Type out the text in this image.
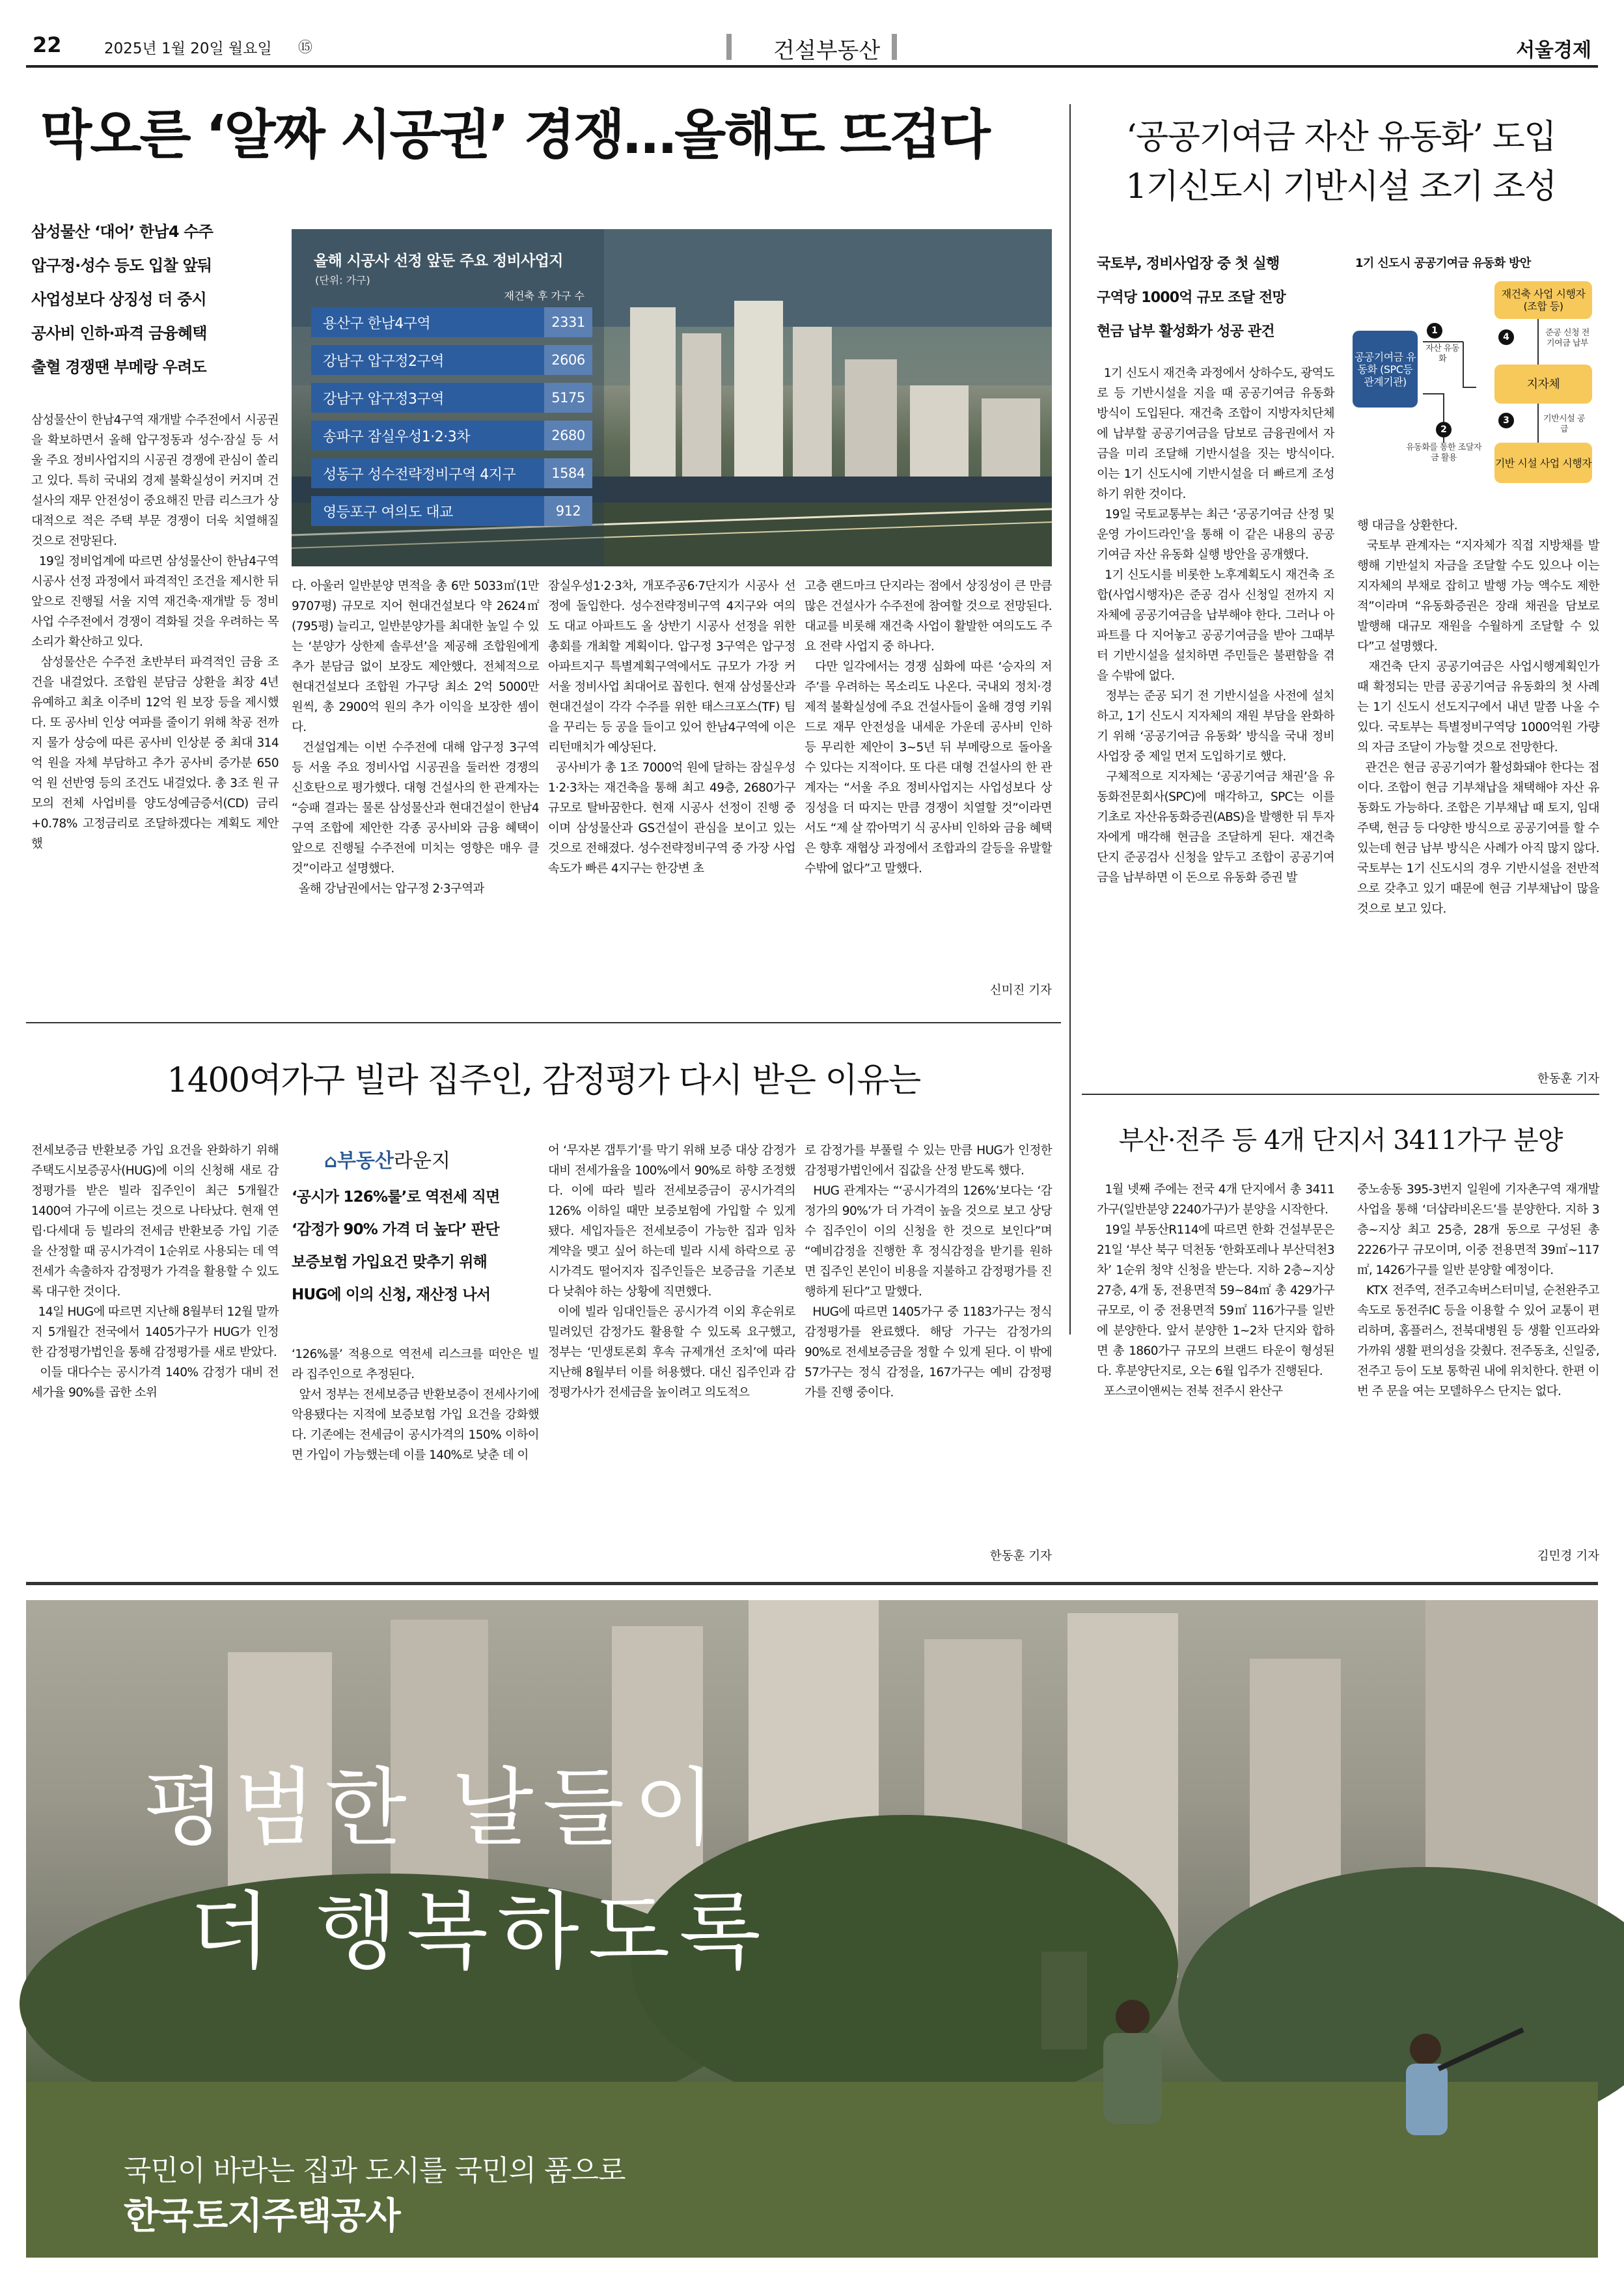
22	2025년 1월 20일 월요일 ⑮	건설부동산	서울경제
막오른 ‘알짜 시공권’ 경쟁…올해도 뜨겁다
삼성물산 ‘대어’ 한남4 수주
압구정·성수 등도 입찰 앞둬
사업성보다 상징성 더 중시
공사비 인하·파격 금융혜택
출혈 경쟁땐 부메랑 우려도
올해 시공사 선정 앞둔 주요 정비사업지
(단위: 가구)
재건축 후 가구 수
용산구 한남4구역	2331
강남구 압구정2구역	2606
강남구 압구정3구역	5175
송파구 잠실우성1·2·3차	2680
성동구 성수전략정비구역 4지구	1584
영등포구 여의도 대교	912
삼성물산이 한남4구역 재개발 수주전에서 시공권을 확보하면서 올해 압구정동과 성수·잠실 등 서울 주요 정비사업지의 시공권 경쟁에 관심이 쏠리고 있다. 특히 국내외 경제 불확실성이 커지며 건설사의 재무 안전성이 중요해진 만큼 리스크가 상대적으로 적은 주택 부문 경쟁이 더욱 치열해질 것으로 전망된다.
19일 정비업계에 따르면 삼성물산이 한남4구역 시공사 선정 과정에서 파격적인 조건을 제시한 뒤 앞으로 진행될 서울 지역 재건축·재개발 등 정비사업 수주전에서 경쟁이 격화될 것을 우려하는 목소리가 확산하고 있다.
삼성물산은 수주전 초반부터 파격적인 금융 조건을 내걸었다. 조합원 분담금 상환을 최장 4년 유예하고 최초 이주비 12억 원 보장 등을 제시했다. 또 공사비 인상 여파를 줄이기 위해 착공 전까지 물가 상승에 따른 공사비 인상분 중 최대 314억 원을 자체 부담하고 추가 공사비 증가분 650억 원 선반영 등의 조건도 내걸었다. 총 3조 원 규모의 전체 사업비를 양도성예금증서(CD) 금리+0.78% 고정금리로 조달하겠다는 계획도 제안했
다. 아울러 일반분양 면적을 총 6만 5033㎡(1만 9707평) 규모로 지어 현대건설보다 약 2624㎡(795평) 늘리고, 일반분양가를 최대한 높일 수 있는 ‘분양가 상한제 솔루션’을 제공해 조합원에게 추가 분담금 없이 보장도 제안했다. 전체적으로 현대건설보다 조합원 가구당 최소 2억 5000만 원씩, 총 2900억 원의 추가 이익을 보장한 셈이다.
건설업계는 이번 수주전에 대해 압구정 3구역 등 서울 주요 정비사업 시공권을 둘러싼 경쟁의 신호탄으로 평가했다. 대형 건설사의 한 관계자는 “승패 결과는 물론 삼성물산과 현대건설이 한남4구역 조합에 제안한 각종 공사비와 금융 혜택이 앞으로 진행될 수주전에 미치는 영향은 매우 클 것”이라고 설명했다.
올해 강남권에서는 압구정 2·3구역과
잠실우성1·2·3차, 개포주공6·7단지가 시공사 선정에 돌입한다. 성수전략정비구역 4지구와 여의도 대교 아파트도 올 상반기 시공사 선정을 위한 총회를 개최할 계획이다. 압구정 3구역은 압구정 아파트지구 특별계획구역에서도 규모가 가장 커 서울 정비사업 최대어로 꼽힌다. 현재 삼성물산과 현대건설이 각각 수주를 위한 태스크포스(TF) 팀을 꾸리는 등 공을 들이고 있어 한남4구역에 이은 리턴매치가 예상된다.
공사비가 총 1조 7000억 원에 달하는 잠실우성1·2·3차는 재건축을 통해 최고 49층, 2680가구 규모로 탈바꿈한다. 현재 시공사 선정이 진행 중이며 삼성물산과 GS건설이 관심을 보이고 있는 것으로 전해졌다. 성수전략정비구역 중 가장 사업 속도가 빠른 4지구는 한강변 초
고층 랜드마크 단지라는 점에서 상징성이 큰 만큼 많은 건설사가 수주전에 참여할 것으로 전망된다. 대교를 비롯해 재건축 사업이 활발한 여의도도 주요 전략 사업지 중 하나다.
다만 일각에서는 경쟁 심화에 따른 ‘승자의 저주’를 우려하는 목소리도 나온다. 국내외 정치·경제적 불확실성에 주요 건설사들이 올해 경영 키워드로 재무 안전성을 내세운 가운데 공사비 인하 등 무리한 제안이 3~5년 뒤 부메랑으로 돌아올 수 있다는 지적이다. 또 다른 대형 건설사의 한 관계자는 “서울 주요 정비사업지는 사업성보다 상징성을 더 따지는 만큼 경쟁이 치열할 것”이라면서도 “제 살 깎아먹기 식 공사비 인하와 금융 혜택은 향후 재협상 과정에서 조합과의 갈등을 유발할 수밖에 없다”고 말했다.
신미진 기자
‘공공기여금 자산 유동화’ 도입
1기신도시 기반시설 조기 조성
국토부, 정비사업장 중 첫 실행
구역당 1000억 규모 조달 전망
현금 납부 활성화가 성공 관건
1기 신도시 공공기여금 유동화 방안
공공기여금 유동화 (SPC등 관계기관)
재건축 사업 시행자 (조합 등)
지자체
기반 시설 사업 시행자
1
자산 유동화
2
유동화를 통한 조달자금 활용
3	기반시설 공급
4	준공 신청 전 기여금 납부
1기 신도시 재건축 과정에서 상하수도, 광역도로 등 기반시설을 지을 때 공공기여금 유동화 방식이 도입된다. 재건축 조합이 지방자치단체에 납부할 공공기여금을 담보로 금융권에서 자금을 미리 조달해 기반시설을 짓는 방식이다. 이는 1기 신도시에 기반시설을 더 빠르게 조성하기 위한 것이다.
19일 국토교통부는 최근 ‘공공기여금 산정 및 운영 가이드라인’을 통해 이 같은 내용의 공공기여금 자산 유동화 실행 방안을 공개했다.
1기 신도시를 비롯한 노후계획도시 재건축 조합(사업시행자)은 준공 검사 신청일 전까지 지자체에 공공기여금을 납부해야 한다. 그러나 아파트를 다 지어놓고 공공기여금을 받아 그때부터 기반시설을 설치하면 주민들은 불편함을 겪을 수밖에 없다.
정부는 준공 되기 전 기반시설을 사전에 설치하고, 1기 신도시 지자체의 재원 부담을 완화하기 위해 ‘공공기여금 유동화’ 방식을 국내 정비사업장 중 제일 먼저 도입하기로 했다.
구체적으로 지자체는 ‘공공기여금 채권’을 유동화전문회사(SPC)에 매각하고, SPC는 이를 기초로 자산유동화증권(ABS)을 발행한 뒤 투자자에게 매각해 현금을 조달하게 된다. 재건축 단지 준공검사 신청을 앞두고 조합이 공공기여금을 납부하면 이 돈으로 유동화 증권 발
행 대금을 상환한다.
국토부 관계자는 “지자체가 직접 지방채를 발행해 기반설치 자금을 조달할 수도 있으나 이는 지자체의 부채로 잡히고 발행 가능 액수도 제한적”이라며 “유동화증권은 장래 채권을 담보로 발행해 대규모 재원을 수월하게 조달할 수 있다”고 설명했다.
재건축 단지 공공기여금은 사업시행계획인가 때 확정되는 만큼 공공기여금 유동화의 첫 사례는 1기 신도시 선도지구에서 내년 말쯤 나올 수 있다. 국토부는 특별정비구역당 1000억원 가량의 자금 조달이 가능할 것으로 전망한다.
관건은 현금 공공기여가 활성화돼야 한다는 점이다. 조합이 현금 기부채납을 채택해야 자산 유동화도 가능하다. 조합은 기부채납 때 토지, 임대주택, 현금 등 다양한 방식으로 공공기여를 할 수 있는데 현금 납부 방식은 사례가 아직 많지 않다. 국토부는 1기 신도시의 경우 기반시설을 전반적으로 갖추고 있기 때문에 현금 기부채납이 많을 것으로 보고 있다.
한동훈 기자
1400여가구 빌라 집주인, 감정평가 다시 받은 이유는
전세보증금 반환보증 가입 요건을 완화하기 위해 주택도시보증공사(HUG)에 이의 신청해 새로 감정평가를 받은 빌라 집주인이 최근 5개월간 1400여 가구에 이르는 것으로 나타났다. 현재 연립·다세대 등 빌라의 전세금 반환보증 가입 기준을 산정할 때 공시가격이 1순위로 사용되는 데 역전세가 속출하자 감정평가 가격을 활용할 수 있도록 대구한 것이다.
14일 HUG에 따르면 지난해 8월부터 12월 말까지 5개월간 전국에서 1405가구가 HUG가 인정한 감정평가법인을 통해 감정평가를 새로 받았다.
이들 대다수는 공시가격 140% 감정가 대비 전세가율 90%를 곱한 소위
⌂부동산라운지
‘공시가 126%룰’로 역전세 직면
‘감정가 90% 가격 더 높다’ 판단
보증보험 가입요건 맞추기 위해
HUG에 이의 신청, 재산정 나서
‘126%룰’ 적용으로 역전세 리스크를 떠안은 빌라 집주인으로 추정된다.
앞서 정부는 전세보증금 반환보증이 전세사기에 악용됐다는 지적에 보증보험 가입 요건을 강화했다. 기존에는 전세금이 공시가격의 150% 이하이면 가입이 가능했는데 이를 140%로 낮춘 데 이
어 ‘무자본 갭투기’를 막기 위해 보증 대상 감정가 대비 전세가율을 100%에서 90%로 하향 조정했다. 이에 따라 빌라 전세보증금이 공시가격의 126% 이하일 때만 보증보험에 가입할 수 있게 됐다. 세입자들은 전세보증이 가능한 집과 임차 계약을 맺고 싶어 하는데 빌라 시세 하락으로 공시가격도 떨어지자 집주인들은 보증금을 기존보다 낮춰야 하는 상황에 직면했다.
이에 빌라 임대인들은 공시가격 이외 후순위로 밀려있던 감정가도 활용할 수 있도록 요구했고, 정부는 ‘민생토론회 후속 규제개선 조치’에 따라 지난해 8월부터 이를 허용했다. 대신 집주인과 감정평가사가 전세금을 높이려고 의도적으
로 감정가를 부풀릴 수 있는 만큼 HUG가 인정한 감정평가법인에서 집값을 산정 받도록 했다.
HUG 관계자는 “‘공시가격의 126%’보다는 ‘감정가의 90%’가 더 가격이 높을 것으로 보고 상당수 집주인이 이의 신청을 한 것으로 보인다”며 “예비감정을 진행한 후 정식감정을 받기를 원하면 집주인 본인이 비용을 지불하고 감정평가를 진행하게 된다”고 말했다.
HUG에 따르면 1405가구 중 1183가구는 정식감정평가를 완료했다. 해당 가구는 감정가의 90%로 전세보증금을 정할 수 있게 된다. 이 밖에 57가구는 정식 감정을, 167가구는 예비 감정평가를 진행 중이다.
한동훈 기자
부산·전주 등 4개 단지서 3411가구 분양
1월 넷째 주에는 전국 4개 단지에서 총 3411가구(일반분양 2240가구)가 분양을 시작한다.
19일 부동산R114에 따르면 한화 건설부문은 21일 ‘부산 북구 덕천동 ‘한화포레나 부산덕천3차’ 1순위 청약 신청을 받는다. 지하 2층~지상 27층, 4개 동, 전용면적 59~84㎡ 총 429가구 규모로, 이 중 전용면적 59㎡ 116가구를 일반에 분양한다. 앞서 분양한 1~2차 단지와 합하면 총 1860가구 규모의 브랜드 타운이 형성된다. 후분양단지로, 오는 6월 입주가 진행된다.
포스코이앤씨는 전북 전주시 완산구
중노송동 395-3번지 일원에 기자촌구역 재개발사업을 통해 ‘더샵라비온드’를 분양한다. 지하 3층~지상 최고 25층, 28개 동으로 구성된 총 2226가구 규모이며, 이중 전용면적 39㎡~117㎡, 1426가구를 일반 분양할 예정이다.
KTX 전주역, 전주고속버스터미널, 순천완주고속도로 동전주IC 등을 이용할 수 있어 교통이 편리하며, 홈플러스, 전북대병원 등 생활 인프라와 가까워 생활 편의성을 갖췄다. 전주동초, 신일중, 전주고 등이 도보 통학권 내에 위치한다. 한편 이번 주 문을 여는 모델하우스 단지는 없다.
김민경 기자
평범한 날들이
더 행복하도록
국민이 바라는 집과 도시를 국민의 품으로
한국토지주택공사
